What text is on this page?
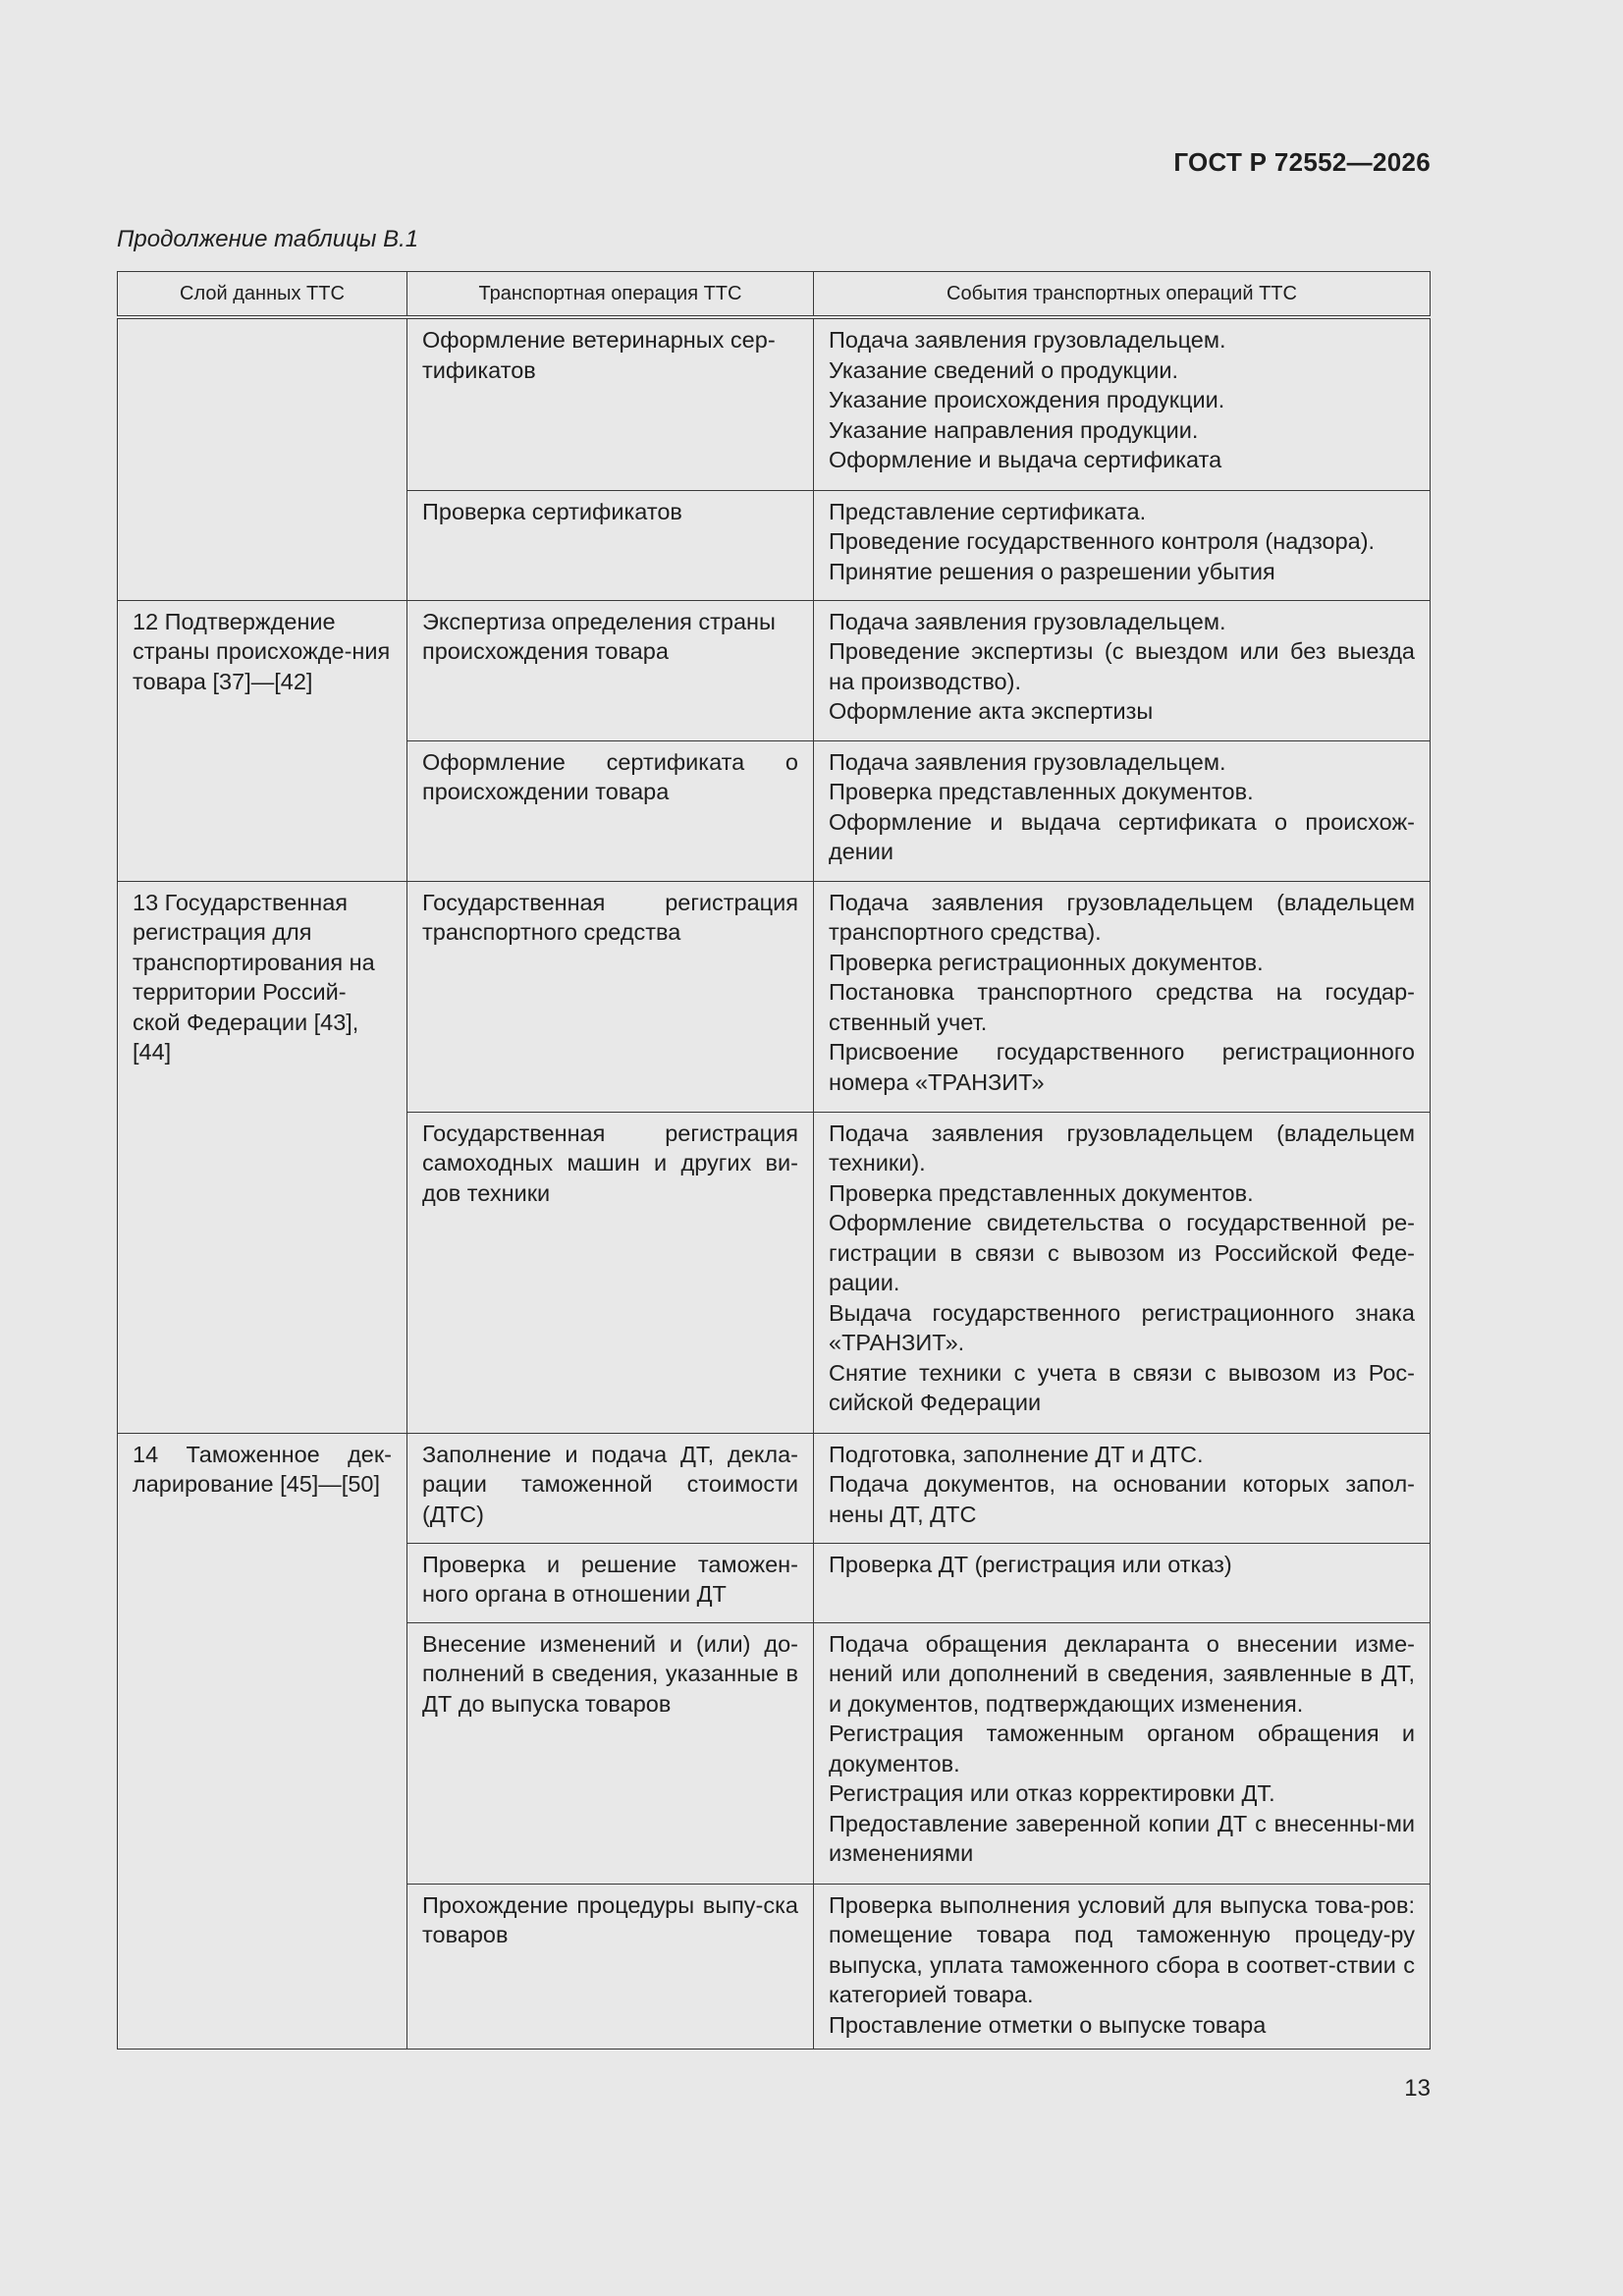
ГОСТ Р 72552—2026
Продолжение таблицы В.1
Слой данных ТТС	Транспортная операция ТТС	События транспортных операций ТТС
	Оформление ветеринарных сер-тификатов	Подача заявления грузовладельцем.
Указание сведений о продукции.
Указание происхождения продукции.
Указание направления продукции.
Оформление и выдача сертификата

	Проверка сертификатов	Представление сертификата.
Проведение государственного контроля (надзора).
Принятие решения о разрешении убытия

12 Подтверждение страны происхожде-ния товара [37]—[42]	Экспертиза определения страны происхождения товара	Подача заявления грузовладельцем.
Проведение экспертизы (с выездом или без выезда на производство).
Оформление акта экспертизы

	Оформление сертификата о происхождении товара	Подача заявления грузовладельцем.
Проверка представленных документов.
Оформление и выдача сертификата о происхож-дении

13 Государственная регистрация для транспортирования на территории Россий-ской Федерации [43], [44]	Государственная регистрация транспортного средства	Подача заявления грузовладельцем (владельцем транспортного средства).
Проверка регистрационных документов.
Постановка транспортного средства на государ-ственный учет.
Присвоение государственного регистрационного номера «ТРАНЗИТ»

	Государственная регистрация самоходных машин и других ви-дов техники	Подача заявления грузовладельцем (владельцем техники).
Проверка представленных документов.
Оформление свидетельства о государственной ре-гистрации в связи с вывозом из Российской Феде-рации.
Выдача государственного регистрационного знака «ТРАНЗИТ».
Снятие техники с учета в связи с вывозом из Рос-сийской Федерации

14 Таможенное дек-ларирование [45]—[50]	Заполнение и подача ДТ, декла-рации таможенной стоимости (ДТС)	Подготовка, заполнение ДТ и ДТС.
Подача документов, на основании которых запол-нены ДТ, ДТС

	Проверка и решение таможен-ного органа в отношении ДТ	Проверка ДТ (регистрация или отказ)

	Внесение изменений и (или) до-полнений в сведения, указанные в ДТ до выпуска товаров	Подача обращения декларанта о внесении изме-нений или дополнений в сведения, заявленные в ДТ, и документов, подтверждающих изменения.
Регистрация таможенным органом обращения и документов.
Регистрация или отказ корректировки ДТ.
Предоставление заверенной копии ДТ с внесенны-ми изменениями

	Прохождение процедуры выпу-ска товаров	Проверка выполнения условий для выпуска това-ров: помещение товара под таможенную процеду-ру выпуска, уплата таможенного сбора в соответ-ствии с категорией товара.
Проставление отметки о выпуске товара
13
